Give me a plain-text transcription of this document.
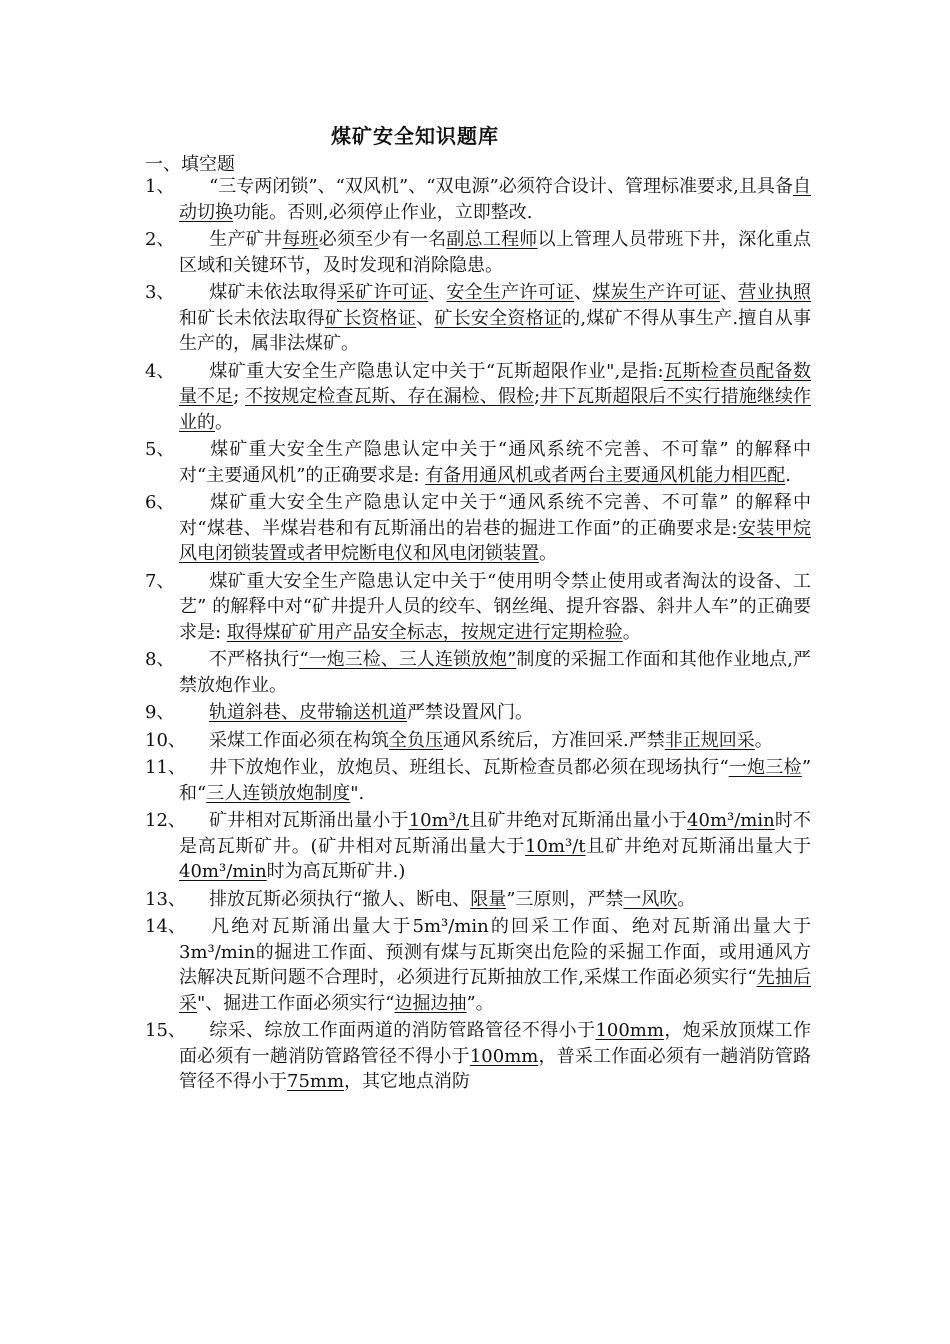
煤矿安全知识题库
一、填空题
1、	“三专两闭锁”、“双风机”、“双电源”必须符合设计、管理标准要求,且具备自动切换功能。否则,必须停止作业，立即整改.
2、	生产矿井每班必须至少有一名副总工程师以上管理人员带班下井，深化重点区域和关键环节，及时发现和消除隐患。
3、	煤矿未依法取得采矿许可证、安全生产许可证、煤炭生产许可证、营业执照和矿长未依法取得矿长资格证、矿长安全资格证的,煤矿不得从事生产.擅自从事生产的，属非法煤矿。
4、	煤矿重大安全生产隐患认定中关于“瓦斯超限作业",是指:瓦斯检查员配备数量不足; 不按规定检查瓦斯、存在漏检、假检;井下瓦斯超限后不实行措施继续作业的。
5、	煤矿重大安全生产隐患认定中关于“通风系统不完善、不可靠” 的解释中对“主要通风机”的正确要求是: 有备用通风机或者两台主要通风机能力相匹配.
6、	煤矿重大安全生产隐患认定中关于“通风系统不完善、不可靠” 的解释中对“煤巷、半煤岩巷和有瓦斯涌出的岩巷的掘进工作面”的正确要求是:安装甲烷风电闭锁装置或者甲烷断电仪和风电闭锁装置。
7、	煤矿重大安全生产隐患认定中关于“使用明令禁止使用或者淘汰的设备、工艺” 的解释中对“矿井提升人员的绞车、钢丝绳、提升容器、斜井人车”的正确要求是: 取得煤矿矿用产品安全标志，按规定进行定期检验。
8、	不严格执行“一炮三检、三人连锁放炮”制度的采掘工作面和其他作业地点,严禁放炮作业。
9、	轨道斜巷、皮带输送机道严禁设置风门。
10、	采煤工作面必须在构筑全负压通风系统后，方准回采.严禁非正规回采。
11、	井下放炮作业，放炮员、班组长、瓦斯检查员都必须在现场执行“一炮三检” 和“三人连锁放炮制度".
12、	矿井相对瓦斯涌出量小于10m³/t且矿井绝对瓦斯涌出量小于40m³/min时不是高瓦斯矿井。(矿井相对瓦斯涌出量大于10m³/t且矿井绝对瓦斯涌出量大于40m³/min时为高瓦斯矿井.)
13、	排放瓦斯必须执行“撤人、断电、限量”三原则，严禁一风吹。
14、	凡绝对瓦斯涌出量大于5m³/min的回采工作面、绝对瓦斯涌出量大于3m³/min的掘进工作面、预测有煤与瓦斯突出危险的采掘工作面，或用通风方法解决瓦斯问题不合理时，必须进行瓦斯抽放工作,采煤工作面必须实行“先抽后采"、掘进工作面必须实行“边掘边抽”。
15、	综采、综放工作面两道的消防管路管径不得小于100mm，炮采放顶煤工作面必须有一趟消防管路管径不得小于100mm，普采工作面必须有一趟消防管路管径不得小于75mm，其它地点消防
